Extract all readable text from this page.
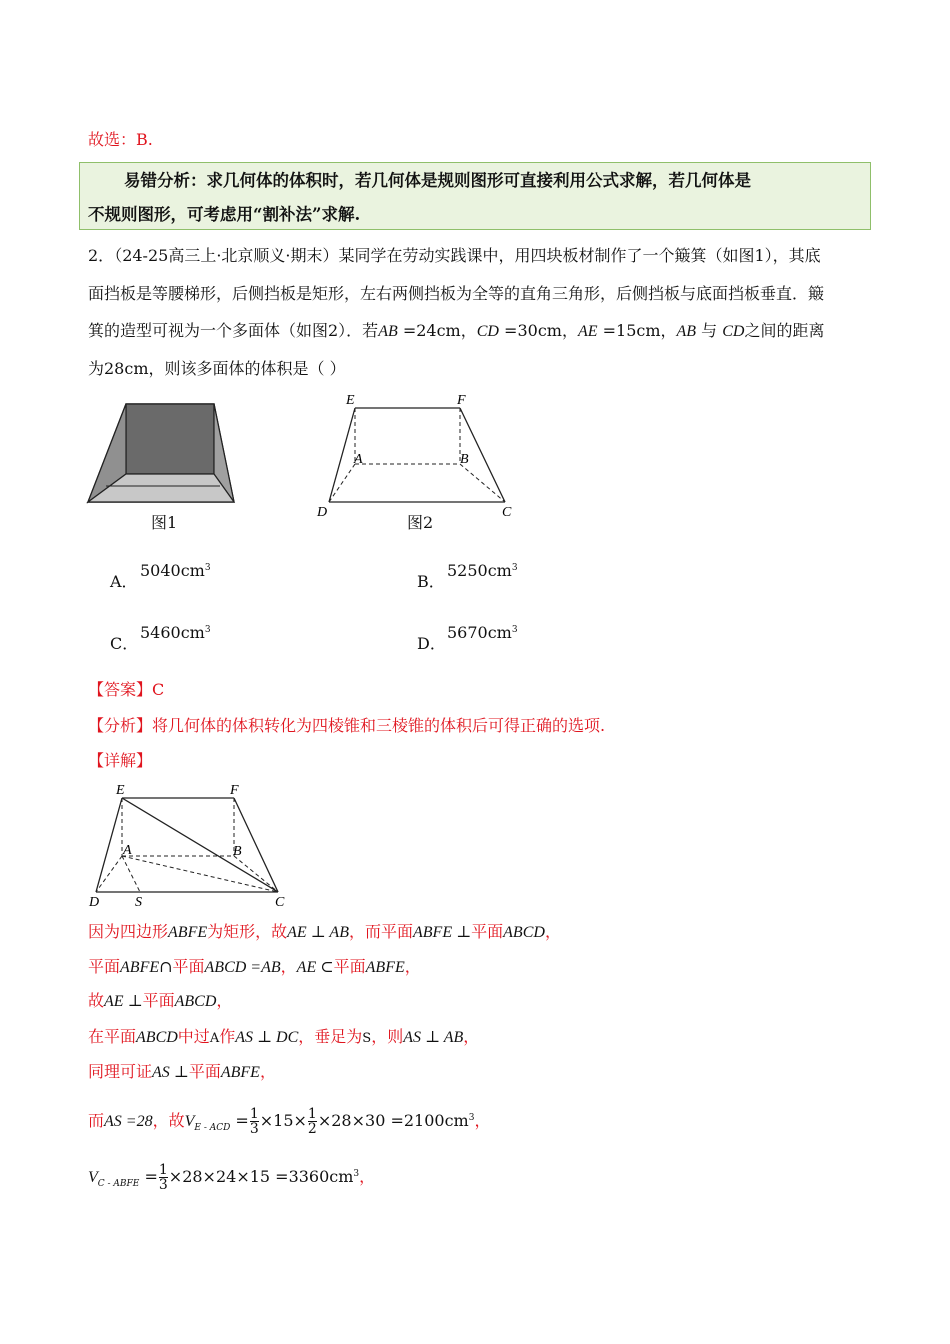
故选：B.
易错分析：求几何体的体积时，若几何体是规则图形可直接利用公式求解，若几何体是
不规则图形，可考虑用“割补法”求解.
2．（24-25高三上·北京顺义·期末）某同学在劳动实践课中，用四块板材制作了一个簸箕（如图1），其底
面挡板是等腰梯形，后侧挡板是矩形，左右两侧挡板为全等的直角三角形，后侧挡板与底面挡板垂直．簸
箕的造型可视为一个多面体（如图2）．若AB =24cm，CD =30cm，AE =15cm，AB 与 CD之间的距离
为28cm，则该多面体的体积是（ ）
图1
E	F
A	B
D	C
图2
A．
$5040cm^3$
B．
$5250cm^3$
C．
$5460cm^3$
D．
$5670cm^3$
【答案】C
【分析】将几何体的体积转化为四棱锥和三棱锥的体积后可得正确的选项.
【详解】
E	F
A	B
D	S	C
因为四边形ABFE为矩形，故AE ⊥ AB，而平面ABFE ⊥平面ABCD，
平面ABFE∩平面ABCD =AB，AE ⊂平面ABFE，
故AE ⊥平面ABCD，
在平面ABCD中过A作AS ⊥ DC，垂足为S，则AS ⊥ AB，
同理可证AS ⊥平面ABFE，
而AS =28，故$V_{E - ACD} = \frac{1}{3} \times 15\times \frac{1}{2} \times 28\times 30 =2100cm^3$，
$V_{C - ABFE} = \frac{1}{3} \times 28\times 24\times 15 =3360cm^3$，
